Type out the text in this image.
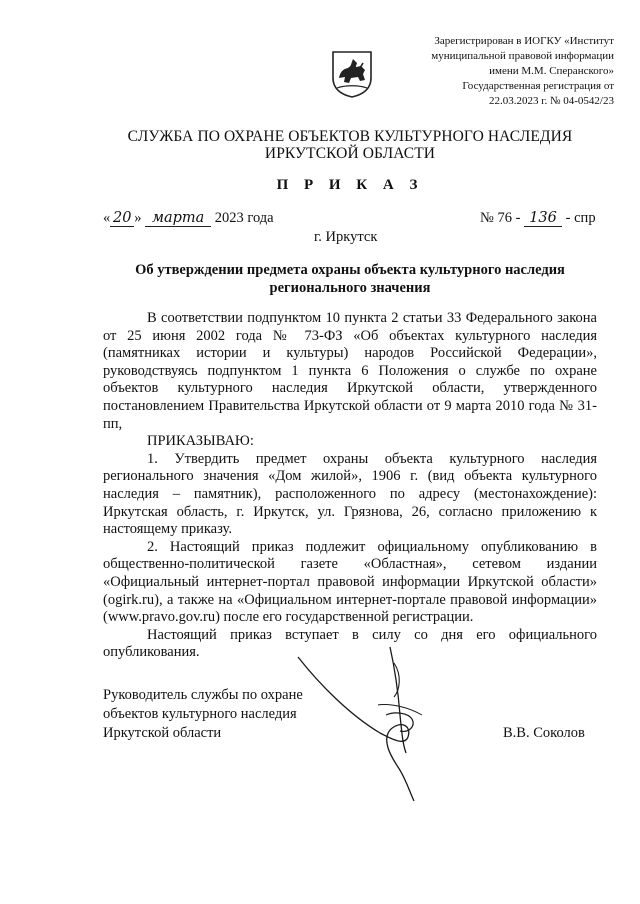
Зарегистрирован в ИОГКУ «Институт
муниципальной правовой информации
имени М.М. Сперанского»
Государственная регистрация от
22.03.2023 г. № 04-0542/23
СЛУЖБА ПО ОХРАНЕ ОБЪЕКТОВ КУЛЬТУРНОГО НАСЛЕДИЯ
ИРКУТСКОЙ ОБЛАСТИ
П Р И К А З
« 20 » марта 2023 года	№ 76 - 136 - спр
г. Иркутск
Об утверждении предмета охраны объекта культурного наследия
регионального значения

В соответствии подпунктом 10 пункта 2 статьи 33 Федерального закона от 25 июня 2002 года № 73-ФЗ «Об объектах культурного наследия (памятниках истории и культуры) народов Российской Федерации», руководствуясь подпунктом 1 пункта 6 Положения о службе по охране объектов культурного наследия Иркутской области, утвержденного постановлением Правительства Иркутской области от 9 марта 2010 года № 31-пп,

ПРИКАЗЫВАЮ:

1. Утвердить предмет охраны объекта культурного наследия регионального значения «Дом жилой», 1906 г. (вид объекта культурного наследия – памятник), расположенного по адресу (местонахождение): Иркутская область, г. Иркутск, ул. Грязнова, 26, согласно приложению к настоящему приказу.

2. Настоящий приказ подлежит официальному опубликованию в общественно-политической газете «Областная», сетевом издании «Официальный интернет-портал правовой информации Иркутской области» (ogirk.ru), а также на «Официальном интернет-портале правовой информации» (www.pravo.gov.ru) после его государственной регистрации.

Настоящий приказ вступает в силу со дня его официального опубликования.

Руководитель службы по охране
объектов культурного наследия
Иркутской области	В.В. Соколов
